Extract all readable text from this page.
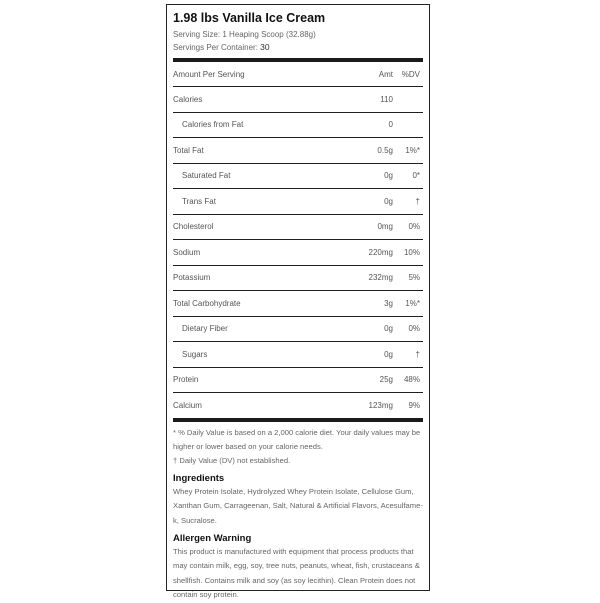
1.98 lbs Vanilla Ice Cream
Serving Size: 1 Heaping Scoop (32.88g)
Servings Per Container: 30
Amount Per Serving	Amt	%DV
Calories	110
Calories from Fat	0
Total Fat	0.5g	1%*
Saturated Fat	0g	0*
Trans Fat	0g	†
Cholesterol	0mg	0%
Sodium	220mg	10%
Potassium	232mg	5%
Total Carbohydrate	3g	1%*
Dietary Fiber	0g	0%
Sugars	0g	†
Protein	25g	48%
Calcium	123mg	9%

* % Daily Value is based on a 2,000 calorie diet. Your daily values may be higher or lower based on your calorie needs.

† Daily Value (DV) not established.

Ingredients

Whey Protein Isolate, Hydrolyzed Whey Protein Isolate, Cellulose Gum, Xanthan Gum, Carrageenan, Salt, Natural & Artificial Flavors, Acesulfame-k, Sucralose.

Allergen Warning

This product is manufactured with equipment that process products that may contain milk, egg, soy, tree nuts, peanuts, wheat, fish, crustaceans & shellfish. Contains milk and soy (as soy lecithin). Clean Protein does not contain soy protein.
